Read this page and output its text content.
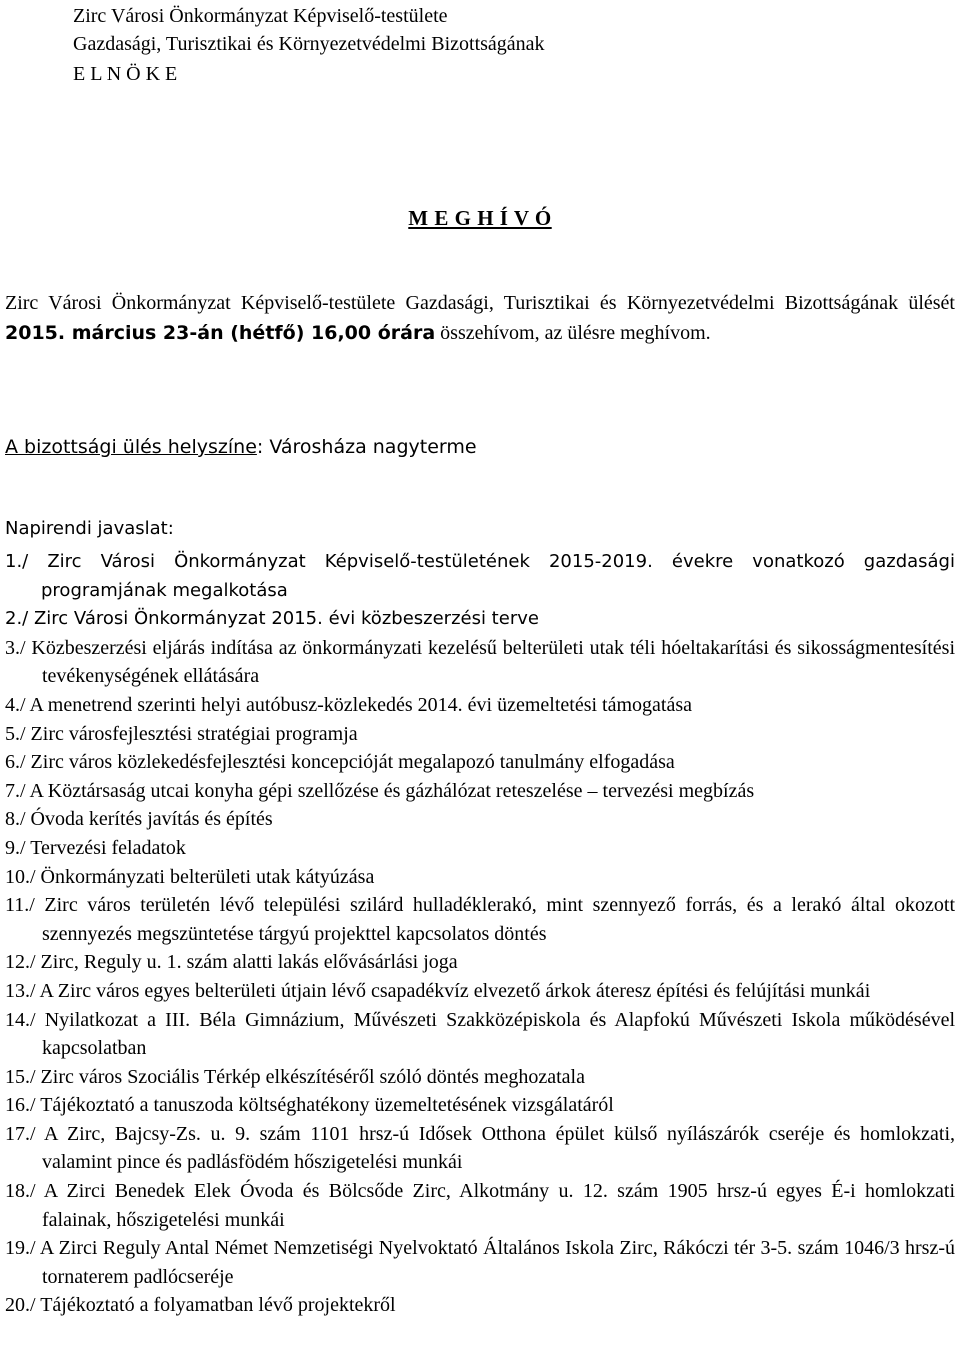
Zirc Városi Önkormányzat Képviselő-testülete
Gazdasági, Turisztikai és Környezetvédelmi Bizottságának
E L N Ö K E
M E G H Í V Ó
Zirc Városi Önkormányzat Képviselő-testülete Gazdasági, Turisztikai és Környezetvédelmi Bizottságának ülését 2015. március 23-án (hétfő) 16,00 órára összehívom, az ülésre meghívom.
A bizottsági ülés helyszíne: Városháza nagyterme
Napirendi javaslat:
1./ Zirc Városi Önkormányzat Képviselő-testületének 2015-2019. évekre vonatkozó gazdasági programjának megalkotása
2./ Zirc Városi Önkormányzat 2015. évi közbeszerzési terve
3./ Közbeszerzési eljárás indítása az önkormányzati kezelésű belterületi utak téli hóeltakarítási és sikosságmentesítési tevékenységének ellátására
4./ A menetrend szerinti helyi autóbusz-közlekedés 2014. évi üzemeltetési támogatása
5./ Zirc városfejlesztési stratégiai programja
6./ Zirc város közlekedésfejlesztési koncepcióját megalapozó tanulmány elfogadása
7./ A Köztársaság utcai konyha gépi szellőzése és gázhálózat reteszelése – tervezési megbízás
8./ Óvoda kerítés javítás és építés
9./ Tervezési feladatok
10./ Önkormányzati belterületi utak kátyúzása
11./ Zirc város területén lévő települési szilárd hulladéklerakó, mint szennyező forrás, és a lerakó által okozott szennyezés megszüntetése tárgyú projekttel kapcsolatos döntés
12./ Zirc, Reguly u. 1. szám alatti lakás elővásárlási joga
13./ A Zirc város egyes belterületi útjain lévő csapadékvíz elvezető árkok áteresz építési és felújítási munkái
14./ Nyilatkozat a III. Béla Gimnázium, Művészeti Szakközépiskola és Alapfokú Művészeti Iskola működésével kapcsolatban
15./ Zirc város Szociális Térkép elkészítéséről szóló döntés meghozatala
16./ Tájékoztató a tanuszoda költséghatékony üzemeltetésének vizsgálatáról
17./ A Zirc, Bajcsy-Zs. u. 9. szám 1101 hrsz-ú Idősek Otthona épület külső nyílászárók cseréje és homlokzati, valamint pince és padlásfödém hőszigetelési munkái
18./ A Zirci Benedek Elek Óvoda és Bölcsőde Zirc, Alkotmány u. 12. szám 1905 hrsz-ú egyes É-i homlokzati falainak, hőszigetelési munkái
19./ A Zirci Reguly Antal Német Nemzetiségi Nyelvoktató Általános Iskola Zirc, Rákóczi tér 3-5. szám 1046/3 hrsz-ú tornaterem padlócseréje
20./ Tájékoztató a folyamatban lévő projektekről
